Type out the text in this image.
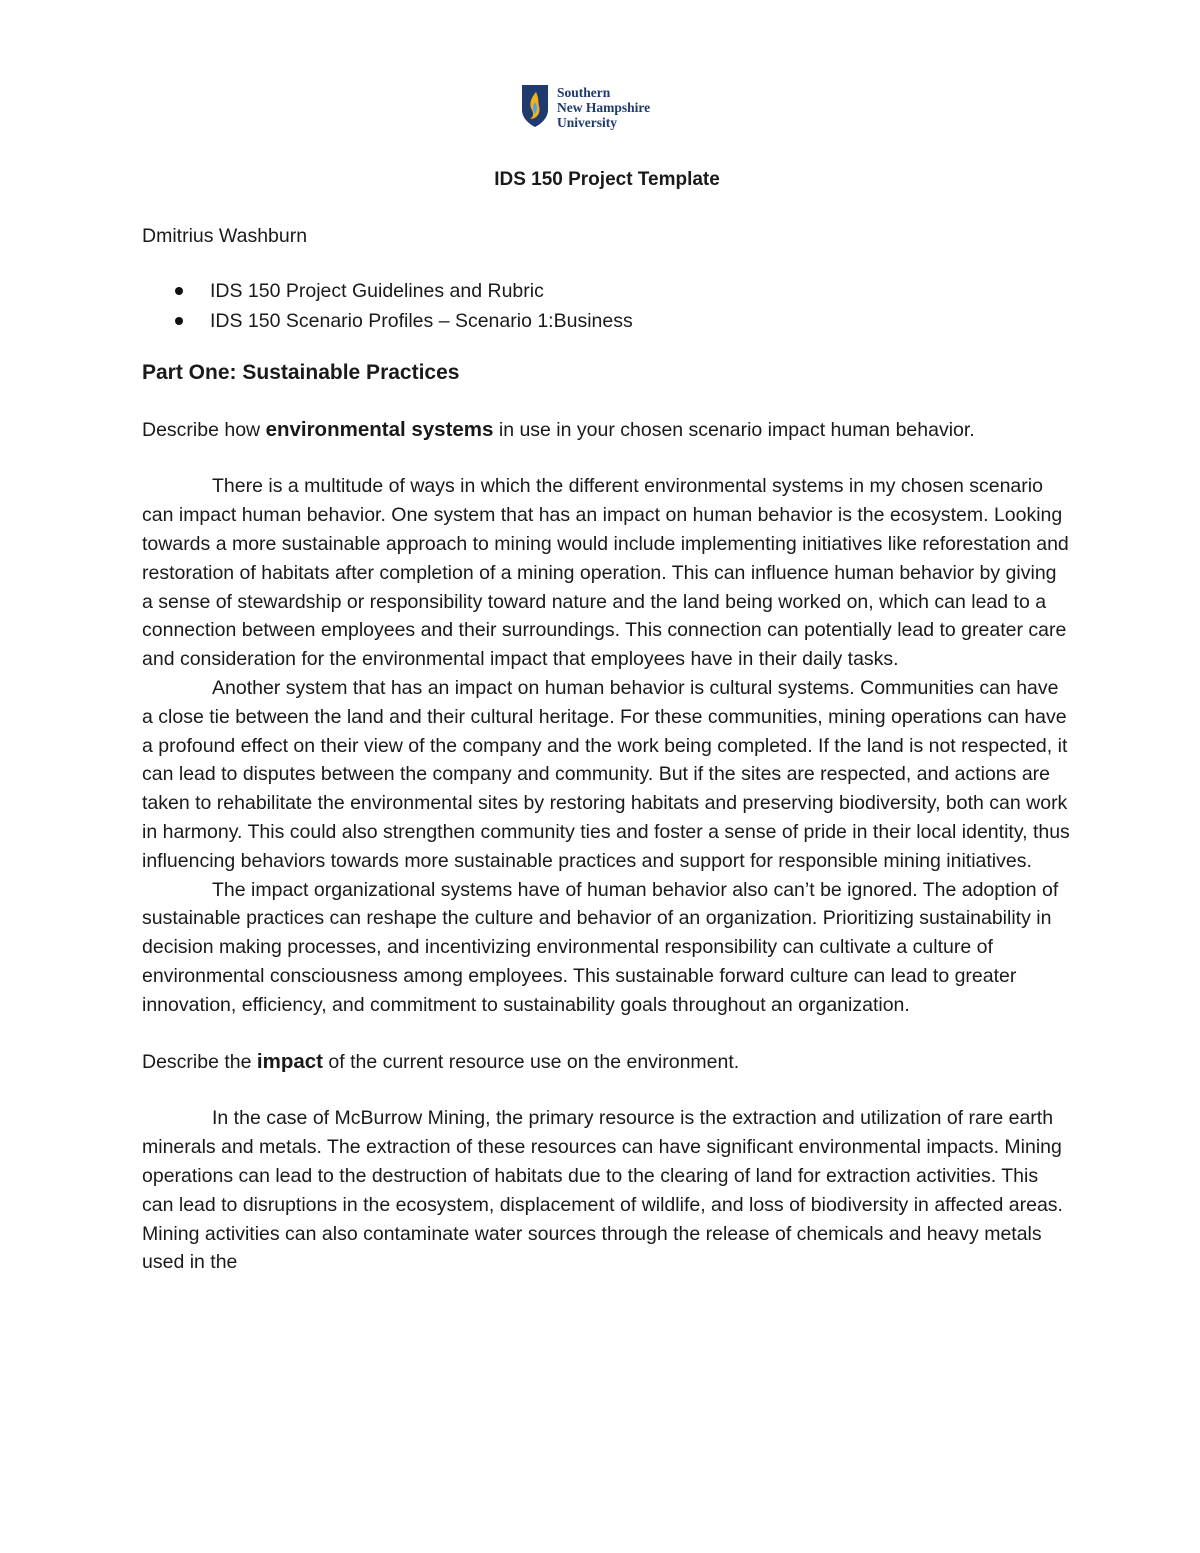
Southern
New Hampshire
University

IDS 150 Project Template

Dmitrius Washburn

IDS 150 Project Guidelines and Rubric
IDS 150 Scenario Profiles – Scenario 1:Business

Part One: Sustainable Practices

Describe how environmental systems in use in your chosen scenario impact human behavior.

There is a multitude of ways in which the different environmental systems in my chosen scenario can impact human behavior. One system that has an impact on human behavior is the ecosystem. Looking towards a more sustainable approach to mining would include implementing initiatives like reforestation and restoration of habitats after completion of a mining operation. This can influence human behavior by giving a sense of stewardship or responsibility toward nature and the land being worked on, which can lead to a connection between employees and their surroundings. This connection can potentially lead to greater care and consideration for the environmental impact that employees have in their daily tasks.

Another system that has an impact on human behavior is cultural systems. Communities can have a close tie between the land and their cultural heritage. For these communities, mining operations can have a profound effect on their view of the company and the work being completed. If the land is not respected, it can lead to disputes between the company and community. But if the sites are respected, and actions are taken to rehabilitate the environmental sites by restoring habitats and preserving biodiversity, both can work in harmony. This could also strengthen community ties and foster a sense of pride in their local identity, thus influencing behaviors towards more sustainable practices and support for responsible mining initiatives.

The impact organizational systems have of human behavior also can’t be ignored. The adoption of sustainable practices can reshape the culture and behavior of an organization. Prioritizing sustainability in decision making processes, and incentivizing environmental responsibility can cultivate a culture of environmental consciousness among employees. This sustainable forward culture can lead to greater innovation, efficiency, and commitment to sustainability goals throughout an organization.

Describe the impact of the current resource use on the environment.

In the case of McBurrow Mining, the primary resource is the extraction and utilization of rare earth minerals and metals. The extraction of these resources can have significant environmental impacts. Mining operations can lead to the destruction of habitats due to the clearing of land for extraction activities. This can lead to disruptions in the ecosystem, displacement of wildlife, and loss of biodiversity in affected areas. Mining activities can also contaminate water sources through the release of chemicals and heavy metals used in the
